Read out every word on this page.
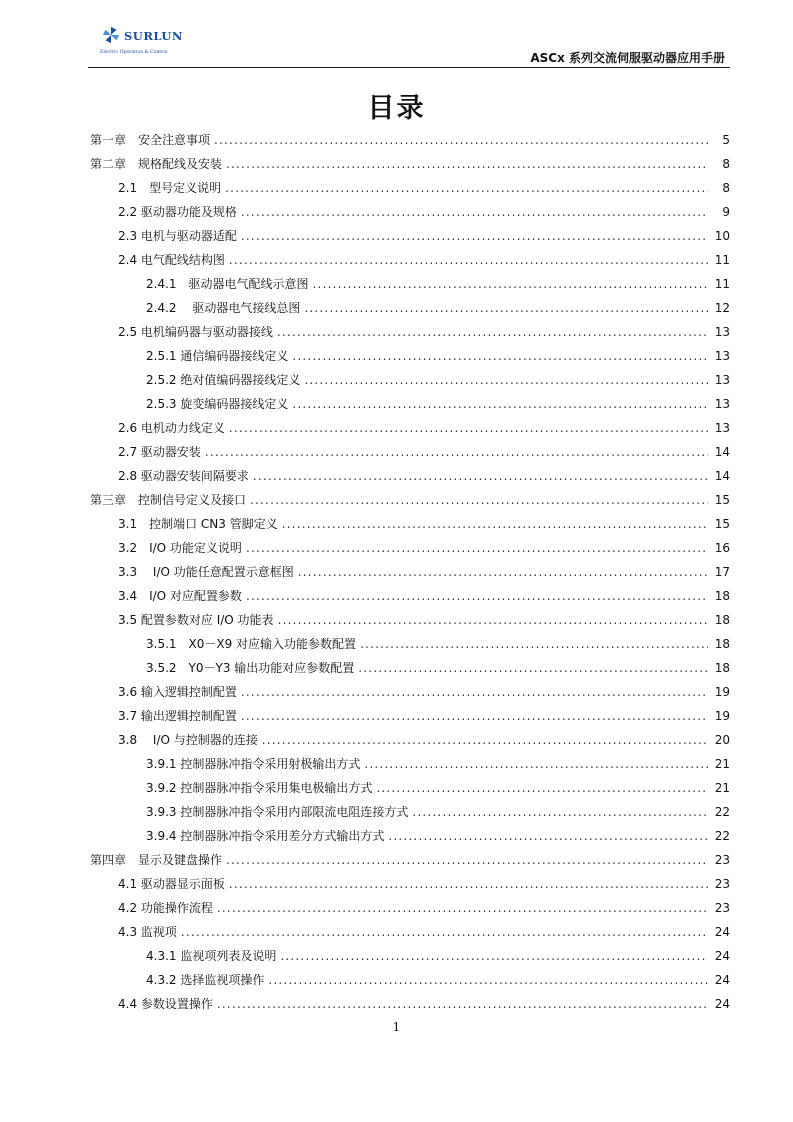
SURLUN
Electric Operation & Control	ASCx 系列交流伺服驱动器应用手册
目录
第一章　安全注意事项 .....	5
第二章　规格配线及安装 .....	8
2.1　型号定义说明 .....	8
2.2 驱动器功能及规格 .....	9
2.3 电机与驱动器适配 .....	10
2.4 电气配线结构图 .....	11
2.4.1　驱动器电气配线示意图 .....	11
2.4.2　 驱动器电气接线总图 .....	12
2.5 电机编码器与驱动器接线 .....	13
2.5.1 通信编码器接线定义 .....	13
2.5.2 绝对值编码器接线定义 .....	13
2.5.3 旋变编码器接线定义 .....	13
2.6 电机动力线定义 .....	13
2.7 驱动器安装 .....	14
2.8 驱动器安装间隔要求 .....	14
第三章　控制信号定义及接口 .....	15
3.1　控制端口 CN3 管脚定义 .....	15
3.2　I/O 功能定义说明 .....	16
3.3　 I/O 功能任意配置示意框图 .....	17
3.4　I/O 对应配置参数 .....	18
3.5 配置参数对应 I/O 功能表 .....	18
3.5.1　X0－X9 对应输入功能参数配置 .....	18
3.5.2　Y0－Y3 输出功能对应参数配置 .....	18
3.6 输入逻辑控制配置 .....	19
3.7 输出逻辑控制配置 .....	19
3.8　 I/O 与控制器的连接 .....	20
3.9.1 控制器脉冲指令采用射极输出方式 .....	21
3.9.2 控制器脉冲指令采用集电极输出方式 .....	21
3.9.3 控制器脉冲指令采用内部限流电阻连接方式 .....	22
3.9.4 控制器脉冲指令采用差分方式输出方式 .....	22
第四章　显示及键盘操作 .....	23
4.1 驱动器显示面板 .....	23
4.2 功能操作流程 .....	23
4.3 监视项 .....	24
4.3.1 监视项列表及说明 .....	24
4.3.2 选择监视项操作 .....	24
4.4 参数设置操作 .....	24
1
